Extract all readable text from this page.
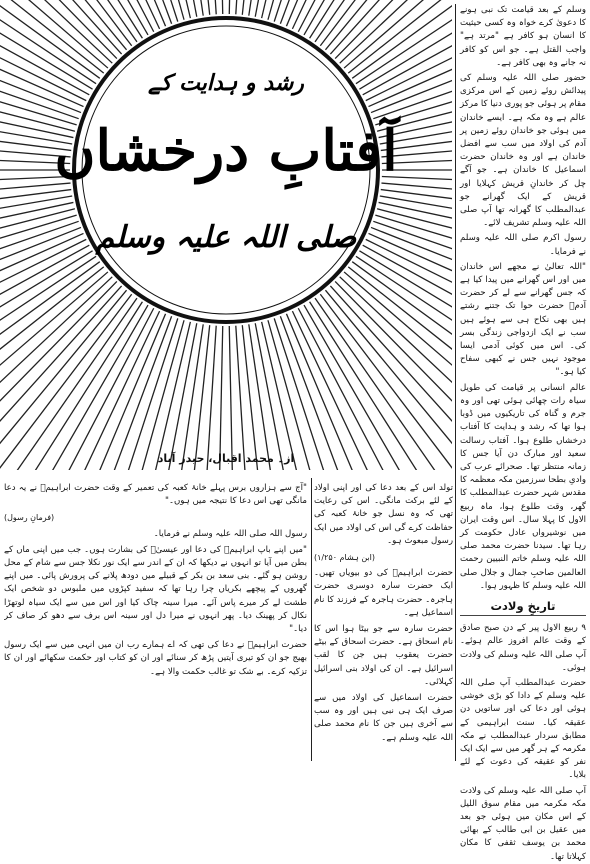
وسلم کے بعد قیامت تک نبی ہونے کا دعویٰ کرے خواہ وہ کسی حیثیت کا انسان ہو کافر ہے "مرتد ہے" واجب القتل ہے۔ جو اس کو کافر نہ جانے وہ بھی کافر ہے۔

حضور صلی اللہ علیہ وسلم کی پیدائش روئے زمین کے اس مرکزی مقام پر ہوئی جو پوری دنیا کا مرکز عالم ہے وہ مکہ ہے۔ ایسے خاندان میں ہوئی جو خاندان روئے زمین پر آدم کی اولاد میں سب سے افضل خاندان ہے اور وہ خاندان حضرت اسماعیل کا خاندان ہے۔ جو آگے چل کر خاندانِ قریش کہلایا اور قریش کے ایک گھرانے جو عبدالمطلب کا گھرانہ تھا آپ صلی اللہ علیہ وسلم تشریف لائے۔

رسول اکرم صلی اللہ علیہ وسلم نے فرمایا۔

"اللہ تعالیٰ نے مجھے اس خاندان میں اور اس گھرانے میں پیدا کیا ہے کہ جس گھرانے سے لے کر حضرت آدمؑ حضرت حوا تک جتنے رشتے ہیں بھی نکاح ہی سے ہوئے ہیں سب نے ایک ازدواجی زندگی بسر کی۔ اس میں کوئی آدمی ایسا موجود نہیں جس نے کبھی سفاح کیا ہو۔"

عالم انسانی پر قیامت کی طویل سیاہ رات چھائی ہوئی تھی اور وہ جرم و گناہ کی تاریکیوں میں ڈوبا ہوا تھا کہ رشد و ہدایت کا آفتاب درخشاں طلوع ہوا۔ آفتاب رسالت سعید اور مبارک دن آیا جس کا زمانہ منتظر تھا۔ صحرائے عرب کی وادیِ بطحا سرزمین مکہ معظمہ کا مقدس شہر حضرت عبدالمطلب کا گھر، وقت طلوع ہوا، ماہ ربیع الاول کا پہلا سال۔ اس وقت ایران میں نوشیرواں عادل حکومت کر رہا تھا۔ سیدنا حضرت محمد صلی اللہ علیہ وسلم خاتم النبیین رحمت العالمین صاحبِ جمال و جلال صلی اللہ علیہ وسلم کا ظہور ہوا۔

تاریخِ ولادت

۹ ربیع الاول پیر کے دن صبح صادق کے وقت عالم افروز عالم ہوئے۔ آپ صلی اللہ علیہ وسلم کی ولادت ہوئی۔

حضرت عبدالمطلب آپ صلی اللہ علیہ وسلم کے دادا کو بڑی خوشی ہوئی اور دعا کی اور ساتویں دن عقیقہ کیا۔ سنت ابراہیمی کے مطابق سردار عبدالمطلب نے مکہ مکرمہ کے ہر گھر میں سے ایک ایک نفر کو عقیقہ کی دعوت کے لئے بلایا۔

آپ صلی اللہ علیہ وسلم کی ولادت مکہ مکرمہ میں مقام سوق اللیل کے اس مکان میں ہوئی جو بعد میں عقیل بن ابی طالب کے بھائی محمد بن یوسف ثقفی کا مکان کہلاتا تھا۔

رشد و ہدایت کے
آفتابِ درخشاں
صلی اللہ علیہ وسلم
از۔ محمد اقبال، حیدر آباد

تولد اس کے بعد دعا کی اور اپنی اولاد کے لئے برکت مانگی۔ اس کی رعایت تھی کہ وہ نسل جو خانۂ کعبہ کی حفاظت کرے گی اس کی اولاد میں ایک رسول مبعوث ہو۔

(ابن ہشام ۱/۲۵۰)

حضرت ابراہیمؑ کی دو بیویاں تھیں۔ ایک حضرت سارہ دوسری حضرت ہاجرہ۔ حضرت ہاجرہ کے فرزند کا نام اسماعیل ہے۔

حضرت سارہ سے جو بیٹا ہوا اس کا نام اسحاق ہے۔ حضرت اسحاق کے بیٹے حضرت یعقوب ہیں جن کا لقب اسرائیل ہے۔ ان کی اولاد بنی اسرائیل کہلائی۔

حضرت اسماعیل کی اولاد میں سے صرف ایک ہی نبی ہیں اور وہ سب سے آخری ہیں جن کا نام محمد صلی اللہ علیہ وسلم ہے۔

"آج سے ہزاروں برس پہلے خانۂ کعبہ کی تعمیر کے وقت حضرت ابراہیمؑ نے یہ دعا مانگی تھی اس دعا کا نتیجہ میں ہوں۔"

(فرمانِ رسول)

رسول اللہ صلی اللہ علیہ وسلم نے فرمایا۔

"میں اپنے باپ ابراہیمؑ کی دعا اور عیسیٰؑ کی بشارت ہوں۔ جب میں اپنی ماں کے بطن میں آیا تو انہوں نے دیکھا کہ ان کے اندر سے ایک نور نکلا جس سے شام کے محل روشن ہو گئے۔ بنی سعد بن بکر کے قبیلے میں دودھ پلانے کی پرورش پائی۔ میں اپنے گھروں کے پیچھے بکریاں چرا رہا تھا کہ سفید کپڑوں میں ملبوس دو شخص ایک طشت لے کر میرے پاس آئے۔ میرا سینہ چاک کیا اور اس میں سے ایک سیاہ لوتھڑا نکال کر پھینک دیا۔ پھر انہوں نے میرا دل اور سینہ اس برف سے دھو کر صاف کر دیا۔"

حضرت ابراہیمؑ نے دعا کی تھی کہ اے ہمارے رب ان میں انہی میں سے ایک رسول بھیج جو ان کو تیری آیتیں پڑھ کر سنائے اور ان کو کتاب اور حکمت سکھائے اور ان کا تزکیہ کرے۔ بے شک تو غالب حکمت والا ہے۔
